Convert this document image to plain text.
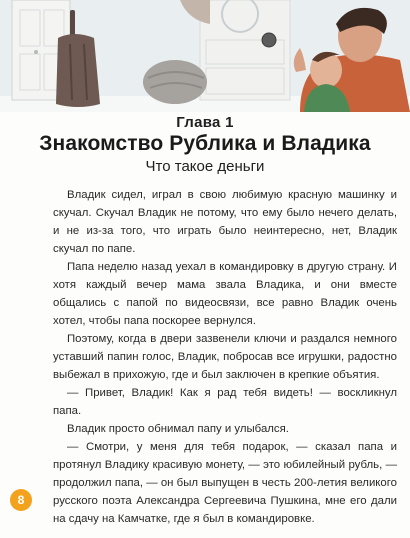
Глава 1
Знакомство Рублика и Владика
Что такое деньги

Владик сидел, играл в свою любимую красную машинку и скучал. Скучал Владик не потому, что ему было нечего делать, и не из-за того, что играть было неинтересно, нет, Владик скучал по папе.

Папа неделю назад уехал в командировку в другую страну. И хотя каждый вечер мама звала Владика, и они вместе общались с папой по видеосвязи, все равно Владик очень хотел, чтобы папа поскорее вернулся.

Поэтому, когда в двери зазвенели ключи и раздался немного уставший папин голос, Владик, побросав все игрушки, радостно выбежал в прихожую, где и был заключен в крепкие объятия.

— Привет, Владик! Как я рад тебя видеть! — воскликнул папа.

Владик просто обнимал папу и улыбался.

— Смотри, у меня для тебя подарок, — сказал папа и протянул Владику красивую монету, — это юбилейный рубль, — продолжил папа, — он был выпущен в честь 200-летия великого русского поэта Александра Сергеевича Пушкина, мне его дали на сдачу на Камчатке, где я был в командировке.

8
